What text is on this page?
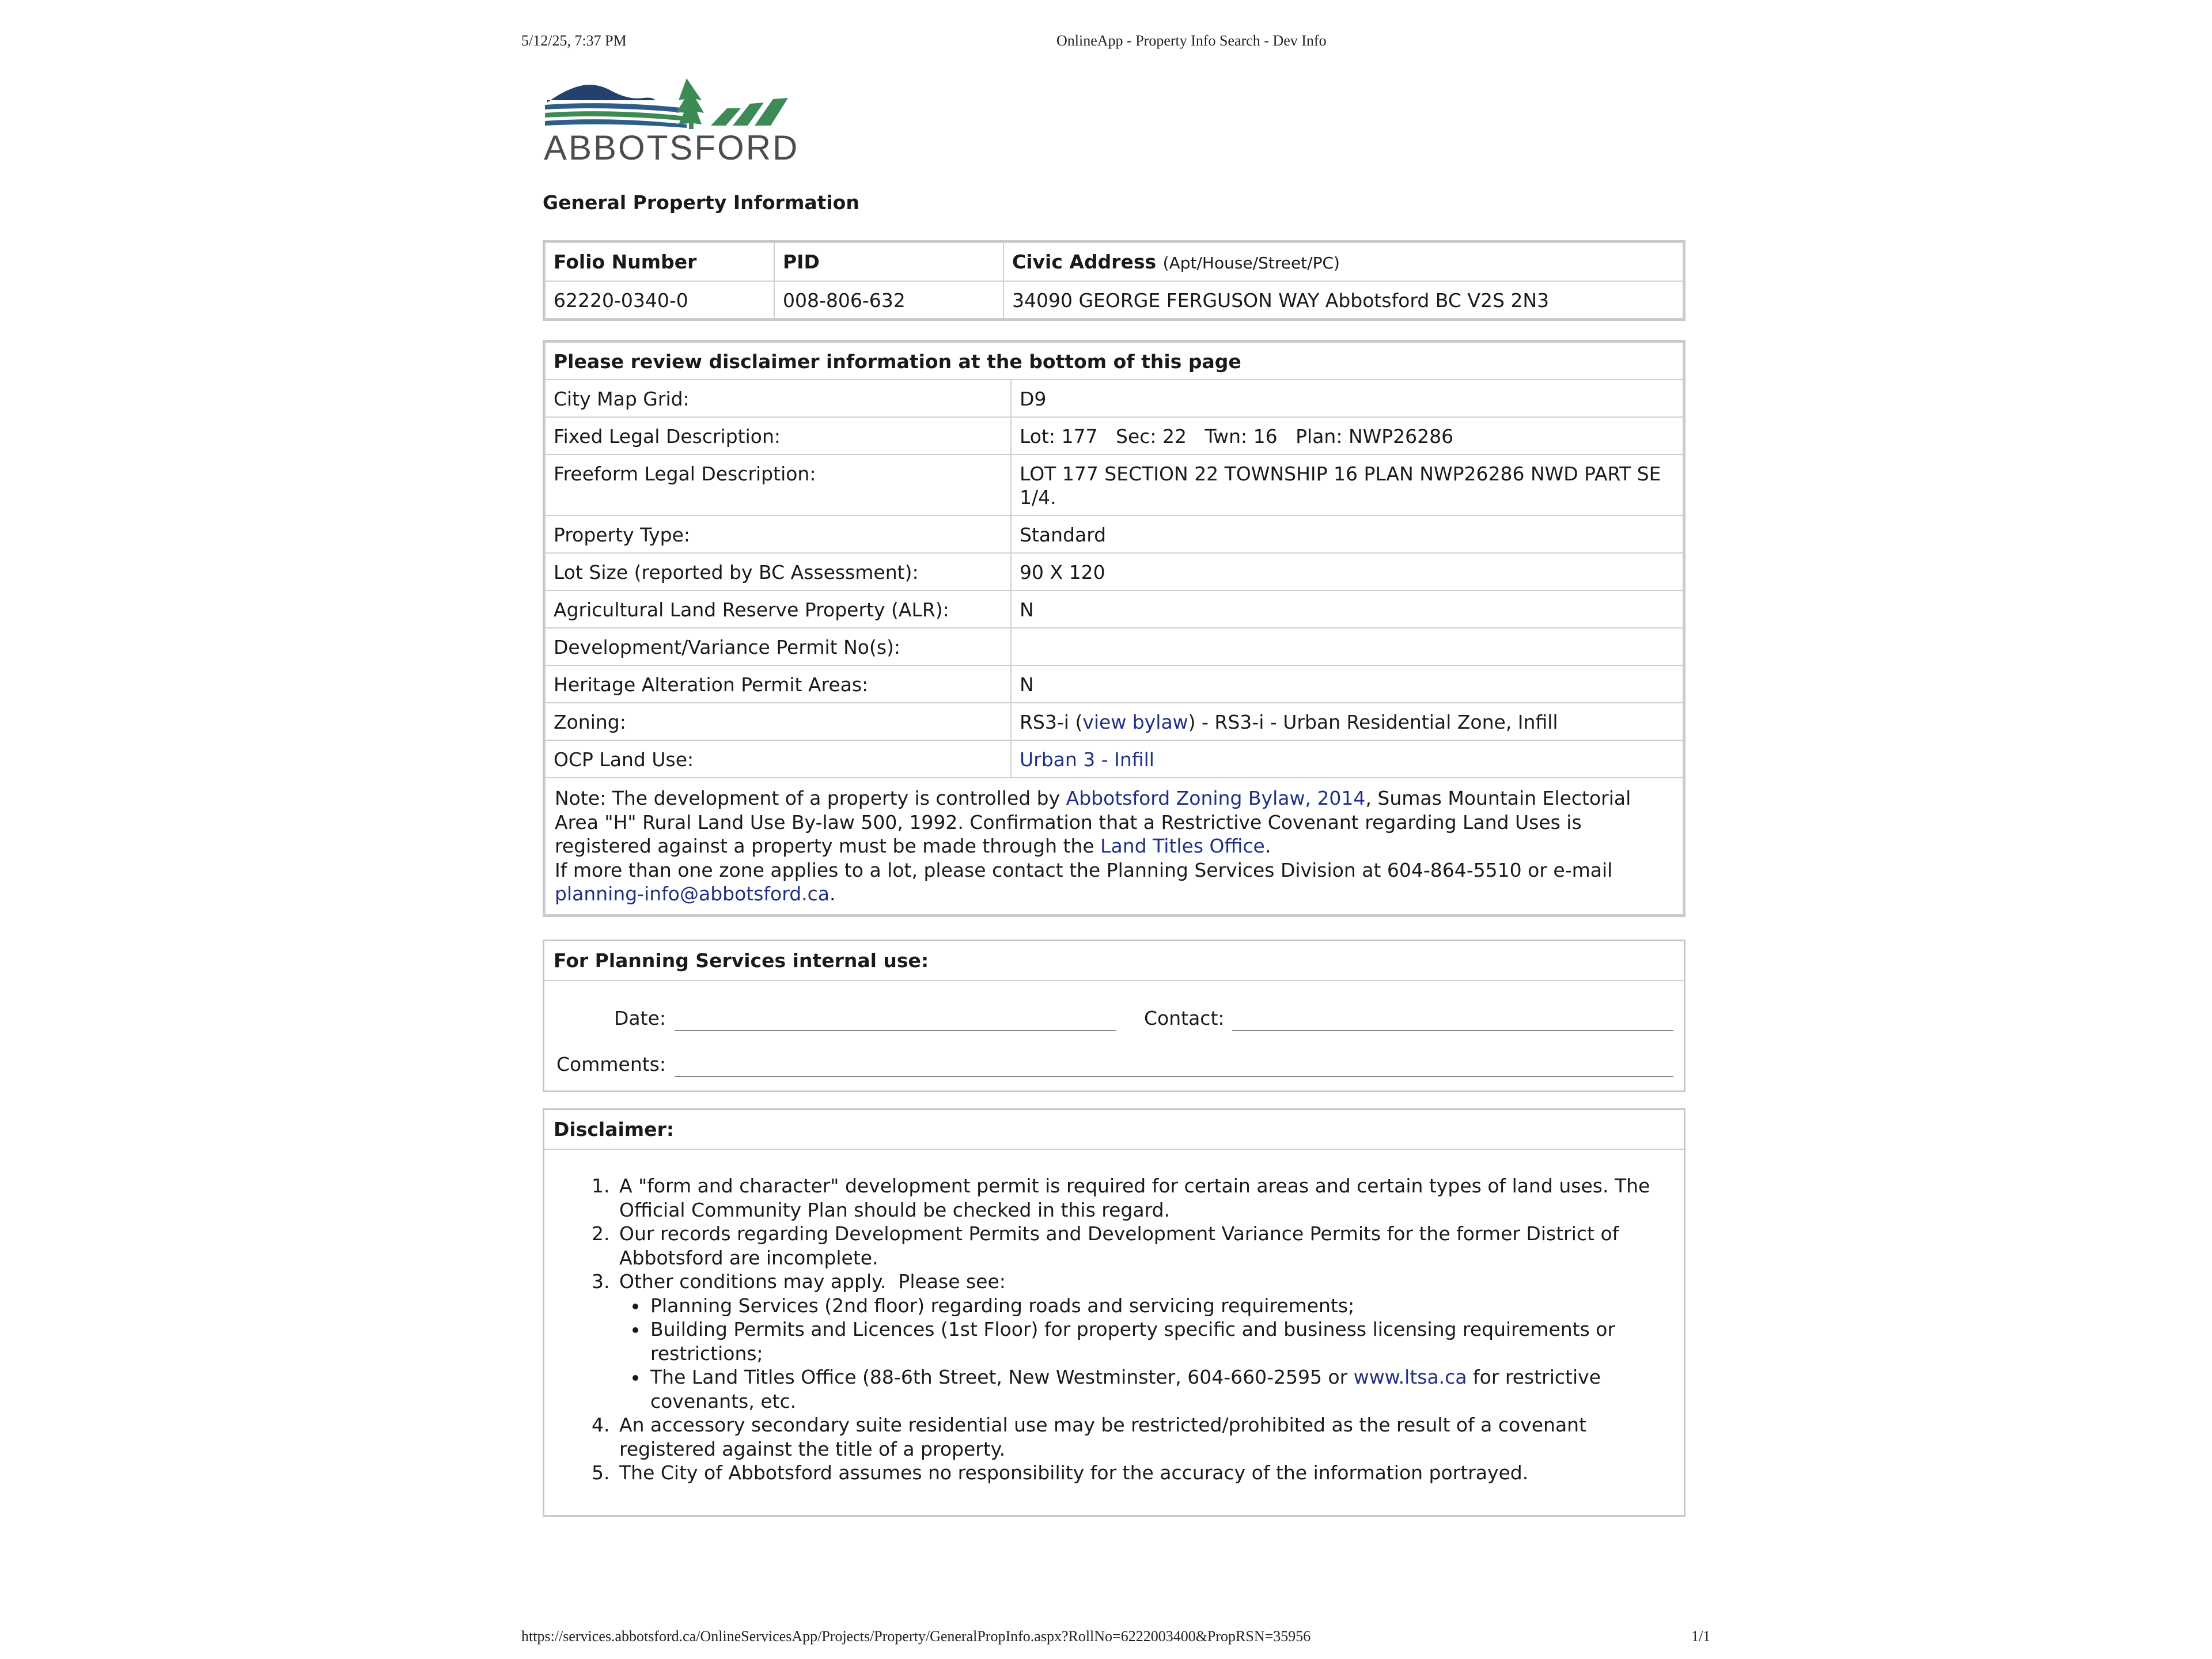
5/12/25, 7:37 PM	OnlineApp - Property Info Search - Dev Info
ABBOTSFORD
General Property Information
Folio Number	PID	Civic Address (Apt/House/Street/PC)
62220-0340-0	008-806-632	34090 GEORGE FERGUSON WAY Abbotsford BC V2S 2N3
Please review disclaimer information at the bottom of this page	
City Map Grid:	D9
Fixed Legal Description:	Lot: 177   Sec: 22   Twn: 16   Plan: NWP26286
Freeform Legal Description:	LOT 177 SECTION 22 TOWNSHIP 16 PLAN NWP26286 NWD PART SE 1/4.
Property Type:	Standard
Lot Size (reported by BC Assessment):	90 X 120
Agricultural Land Reserve Property (ALR):	N
Development/Variance Permit No(s):	
Heritage Alteration Permit Areas:	N
Zoning:	RS3-i (view bylaw) - RS3-i - Urban Residential Zone, Infill
OCP Land Use:	Urban 3 - Infill
Note: The development of a property is controlled by Abbotsford Zoning Bylaw, 2014, Sumas Mountain Electorial Area "H" Rural Land Use By-law 500, 1992. Confirmation that a Restrictive Covenant regarding Land Uses is registered against a property must be made through the Land Titles Office.
If more than one zone applies to a lot, please contact the Planning Services Division at 604-864-5510 or e-mail planning-info@abbotsford.ca.	
For Planning Services internal use:
Date:	Contact:
Comments:
Disclaimer:
1. A "form and character" development permit is required for certain areas and certain types of land uses. The Official Community Plan should be checked in this regard.
2. Our records regarding Development Permits and Development Variance Permits for the former District of Abbotsford are incomplete.
3. Other conditions may apply.  Please see:
• Planning Services (2nd floor) regarding roads and servicing requirements;
• Building Permits and Licences (1st Floor) for property specific and business licensing requirements or restrictions;
• The Land Titles Office (88-6th Street, New Westminster, 604-660-2595 or www.ltsa.ca for restrictive covenants, etc.
4. An accessory secondary suite residential use may be restricted/prohibited as the result of a covenant registered against the title of a property.
5. The City of Abbotsford assumes no responsibility for the accuracy of the information portrayed.
https://services.abbotsford.ca/OnlineServicesApp/Projects/Property/GeneralPropInfo.aspx?RollNo=6222003400&PropRSN=35956	1/1
